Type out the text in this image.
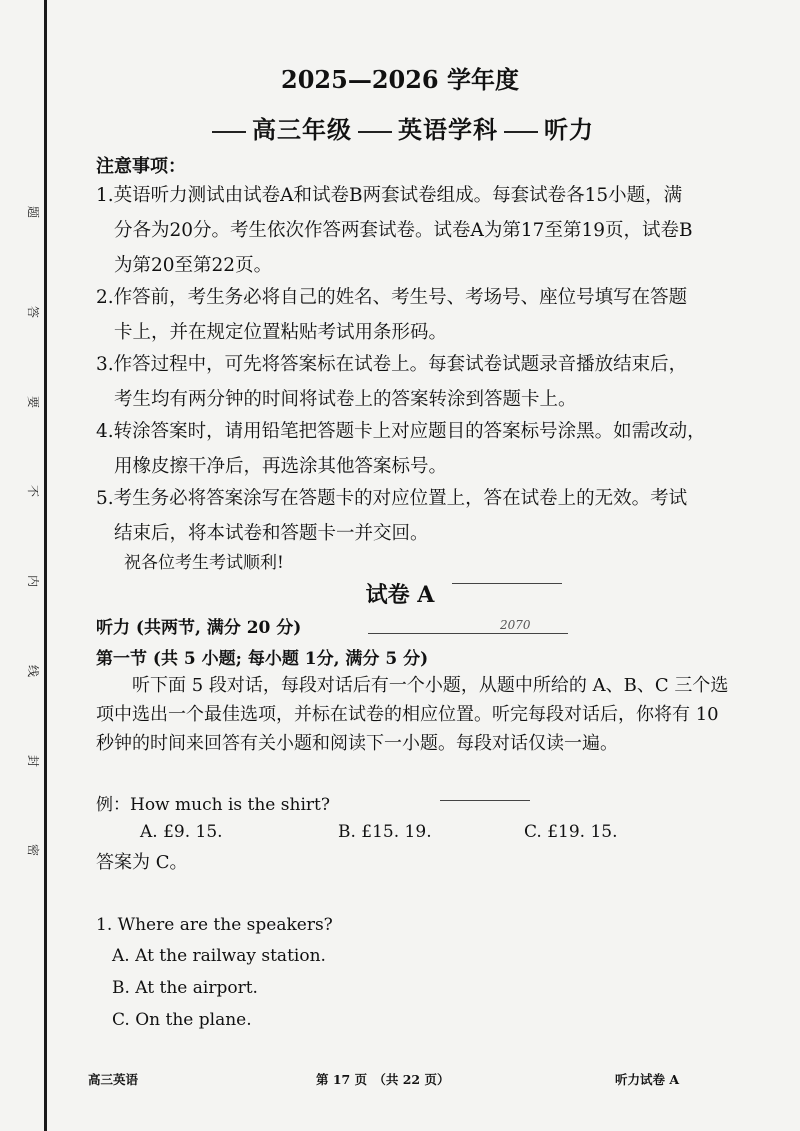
题
答
要
不
内
线
封
密
2025—2026 学年度
高三年级 英语学科 听力
注意事项：
1.英语听力测试由试卷A和试卷B两套试卷组成。每套试卷各15小题，满
分各为20分。考生依次作答两套试卷。试卷A为第17至第19页，试卷B
为第20至第22页。
2.作答前，考生务必将自己的姓名、考生号、考场号、座位号填写在答题
卡上，并在规定位置粘贴考试用条形码。
3.作答过程中，可先将答案标在试卷上。每套试卷试题录音播放结束后，
考生均有两分钟的时间将试卷上的答案转涂到答题卡上。
4.转涂答案时，请用铅笔把答题卡上对应题目的答案标号涂黑。如需改动，
用橡皮擦干净后，再选涂其他答案标号。
5.考生务必将答案涂写在答题卡的对应位置上，答在试卷上的无效。考试
结束后，将本试卷和答题卡一并交回。
祝各位考生考试顺利!
试卷 A
听力 (共两节, 满分 20 分)	2070
第一节 (共 5 小题; 每小题 1分, 满分 5 分)
听下面 5 段对话，每段对话后有一个小题，从题中所给的 A、B、C 三个选项中选出一个最佳选项，并标在试卷的相应位置。听完每段对话后，你将有 10 秒钟的时间来回答有关小题和阅读下一小题。每段对话仅读一遍。
例：How much is the shirt?
A. £9. 15.	B. £15. 19.	C. £19. 15.
答案为 C。
1. Where are the speakers?
A. At the railway station.
B. At the airport.
C. On the plane.
高三英语	第 17 页　（共 22 页）	听力试卷 A
